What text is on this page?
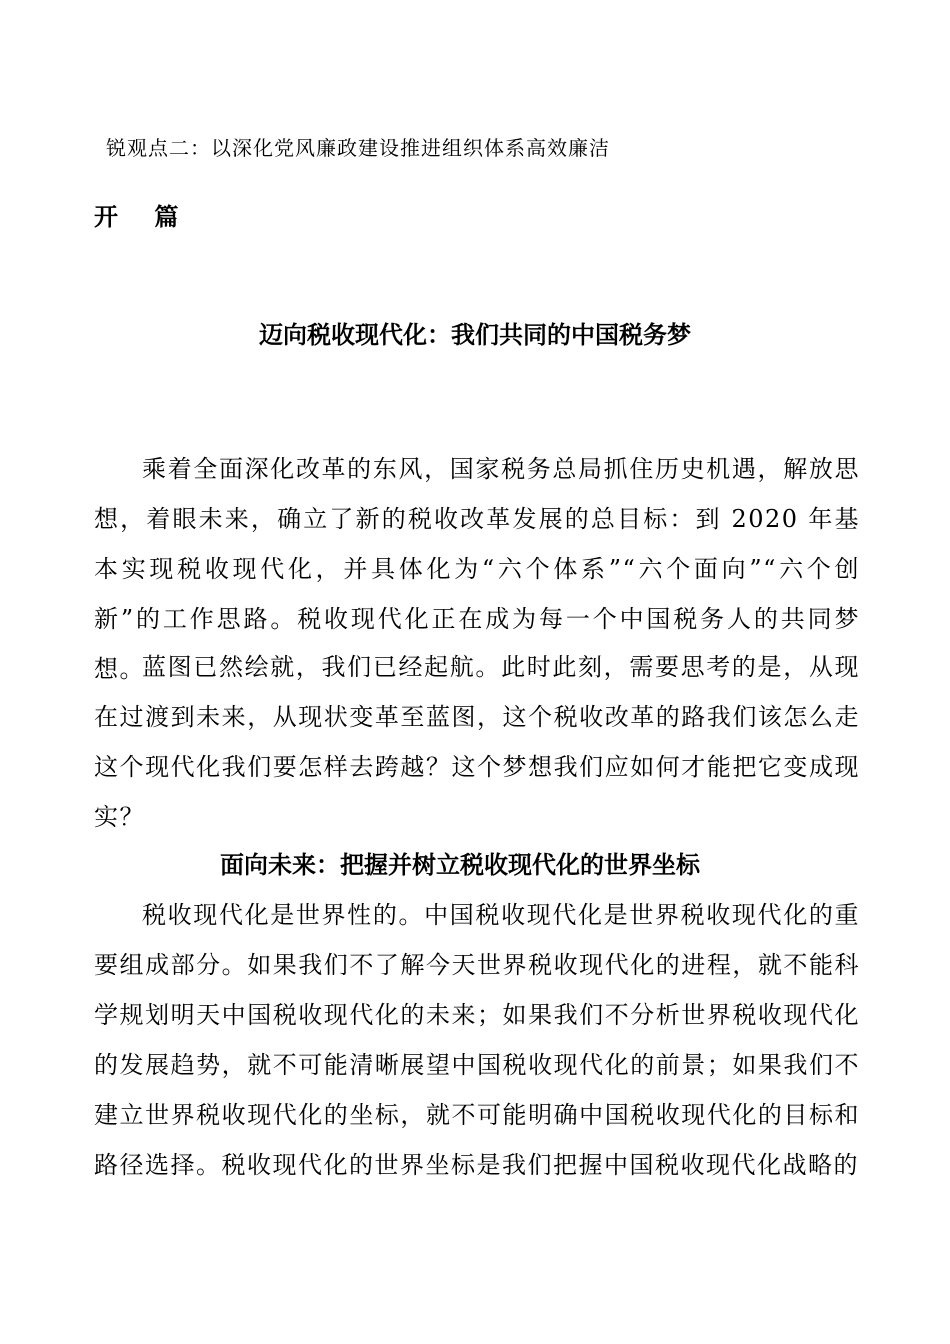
锐观点二：以深化党风廉政建设推进组织体系高效廉洁
开 篇
迈向税收现代化：我们共同的中国税务梦

乘着全面深化改革的东风，国家税务总局抓住历史机遇，解放思想，着眼未来，确立了新的税收改革发展的总目标：到 2020 年基本实现税收现代化，并具体化为“六个体系”“六个面向”“六个创新”的工作思路。税收现代化正在成为每一个中国税务人的共同梦想。

蓝图已然绘就，我们已经起航。此时此刻，需要思考的是，从现在过渡到未来，从现状变革至蓝图，这个税收改革的路我们该怎么走这个现代化我们要怎样去跨越？这个梦想我们应如何才能把它变成现实？

面向未来：把握并树立税收现代化的世界坐标

税收现代化是世界性的。中国税收现代化是世界税收现代化的重要组成部分。如果我们不了解今天世界税收现代化的进程，就不能科学规划明天中国税收现代化的未来；如果我们不分析世界税收现代化的发展趋势，就不可能清晰展望中国税收现代化的前景；如果我们不建立世界税收现代化的坐标，就不可能明确中国税收现代化的目标和路径选择。税收现代化的世界坐标是我们把握中国税收现代化战略的
